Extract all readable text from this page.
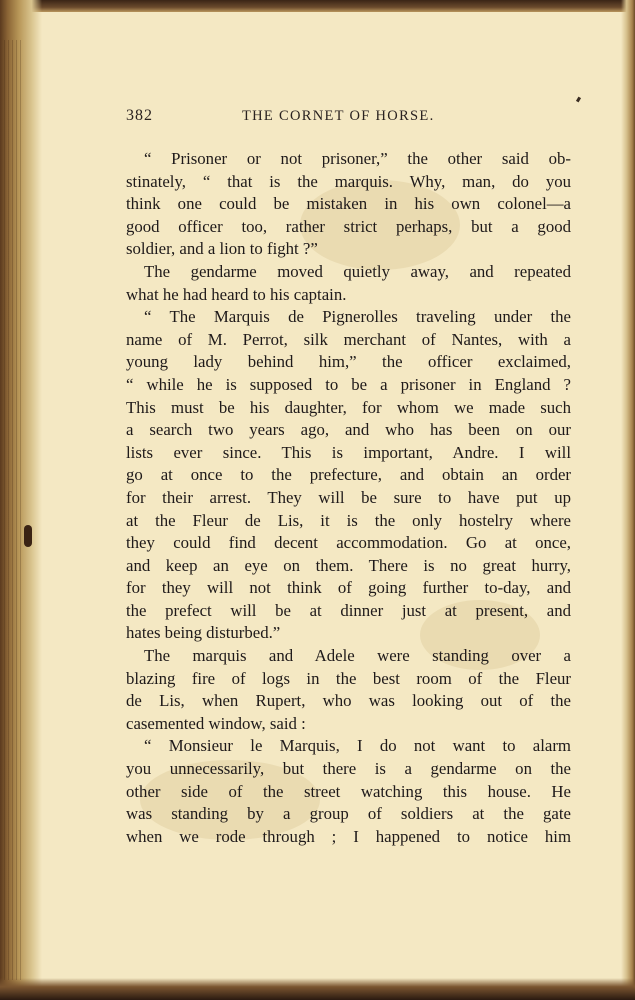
382	THE CORNET OF HORSE.
“ Prisoner or not prisoner,” the other said ob-
stinately, “ that is the marquis. Why, man, do you
think one could be mistaken in his own colonel—a
good officer too, rather strict perhaps, but a good
soldier, and a lion to fight ?”
The gendarme moved quietly away, and repeated
what he had heard to his captain.
“ The Marquis de Pignerolles traveling under the
name of M. Perrot, silk merchant of Nantes, with a
young lady behind him,” the officer exclaimed,
“ while he is supposed to be a prisoner in England ?
This must be his daughter, for whom we made such
a search two years ago, and who has been on our
lists ever since. This is important, Andre. I will
go at once to the prefecture, and obtain an order
for their arrest. They will be sure to have put up
at the Fleur de Lis, it is the only hostelry where
they could find decent accommodation. Go at once,
and keep an eye on them. There is no great hurry,
for they will not think of going further to-day, and
the prefect will be at dinner just at present, and
hates being disturbed.”
The marquis and Adele were standing over a
blazing fire of logs in the best room of the Fleur
de Lis, when Rupert, who was looking out of the
casemented window, said :
“ Monsieur le Marquis, I do not want to alarm
you unnecessarily, but there is a gendarme on the
other side of the street watching this house. He
was standing by a group of soldiers at the gate
when we rode through ; I happened to notice him
